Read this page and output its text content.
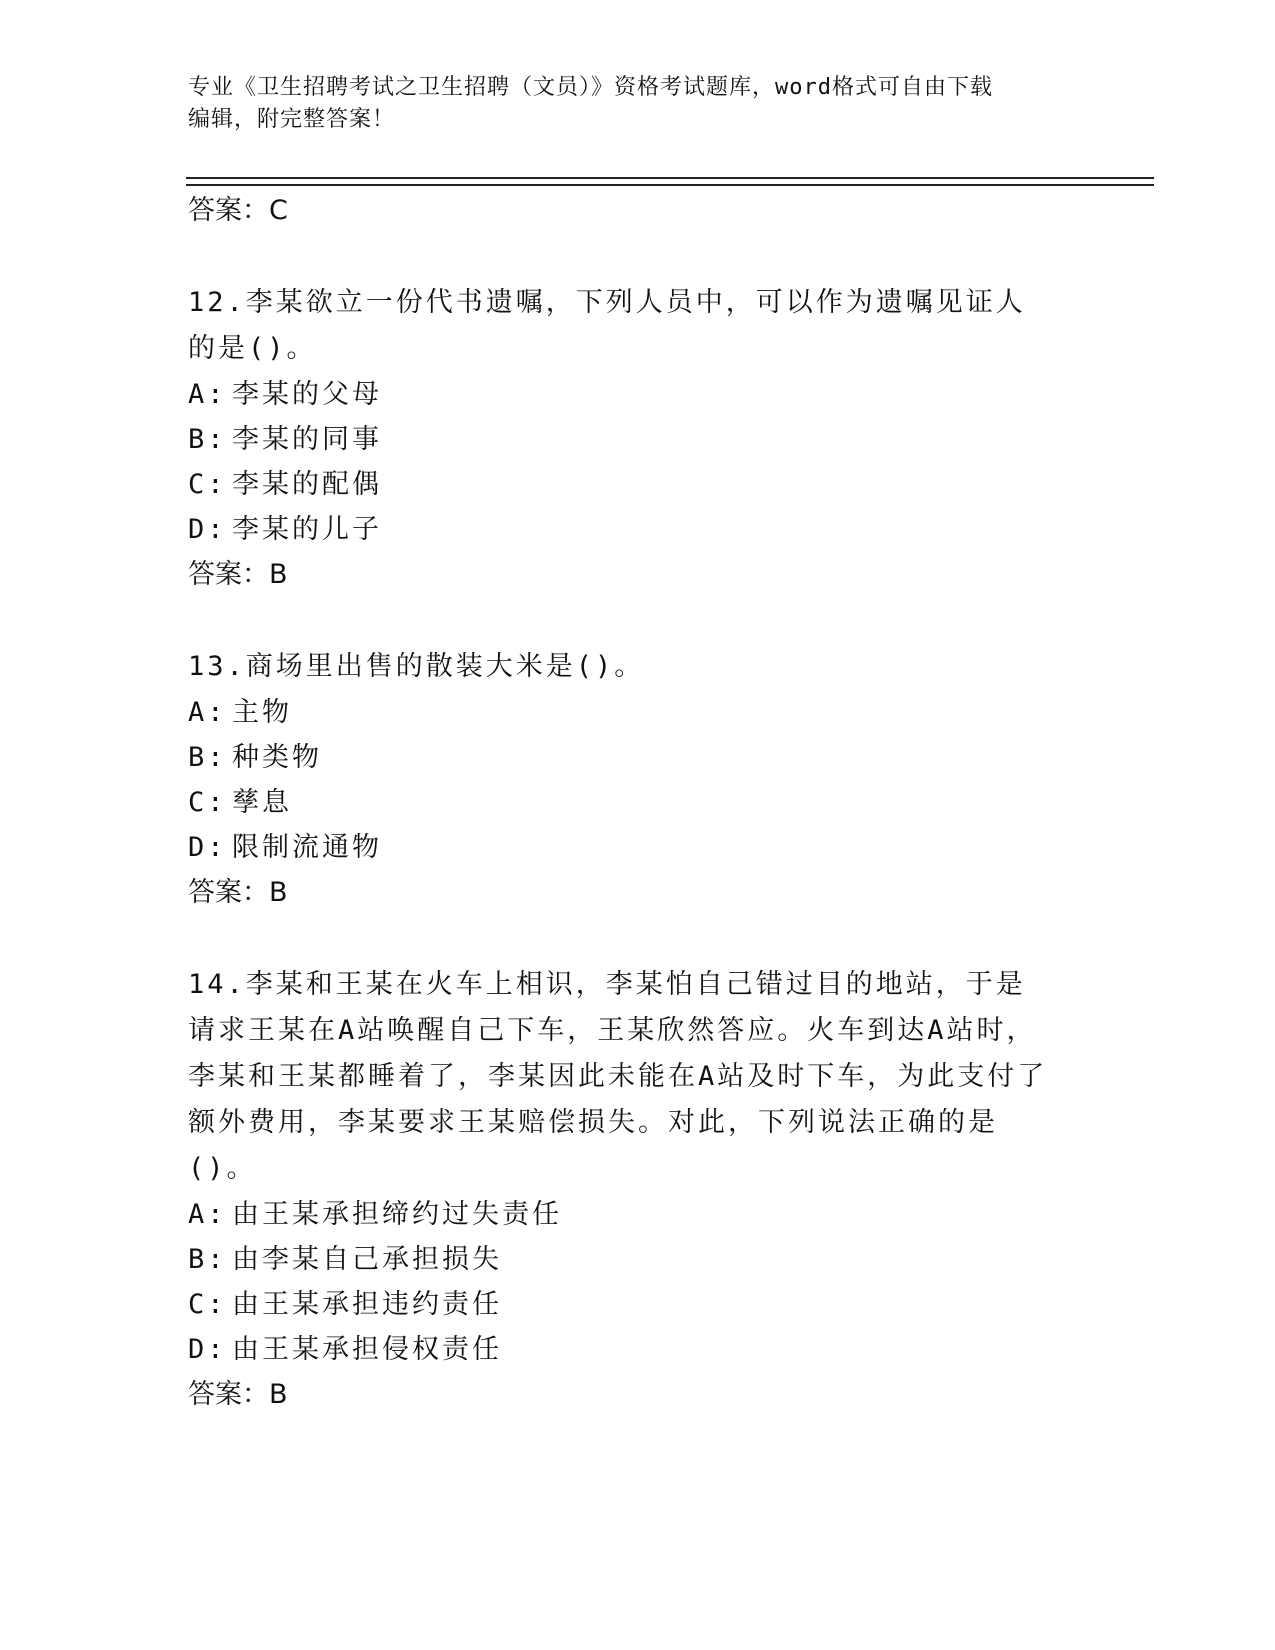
专业《卫生招聘考试之卫生招聘（文员）》资格考试题库，word格式可自由下载
编辑，附完整答案！
答案：C
12.李某欲立一份代书遗嘱，下列人员中，可以作为遗嘱见证人的是()。
A: 李某的父母
B: 李某的同事
C: 李某的配偶
D: 李某的儿子
答案：B
13.商场里出售的散装大米是()。
A: 主物
B: 种类物
C: 孳息
D: 限制流通物
答案：B
14.李某和王某在火车上相识，李某怕自己错过目的地站，于是请求王某在A站唤醒自己下车，王某欣然答应。火车到达A站时，李某和王某都睡着了，李某因此未能在A站及时下车，为此支付了额外费用，李某要求王某赔偿损失。对此，下列说法正确的是()。
A: 由王某承担缔约过失责任
B: 由李某自己承担损失
C: 由王某承担违约责任
D: 由王某承担侵权责任
答案：B
